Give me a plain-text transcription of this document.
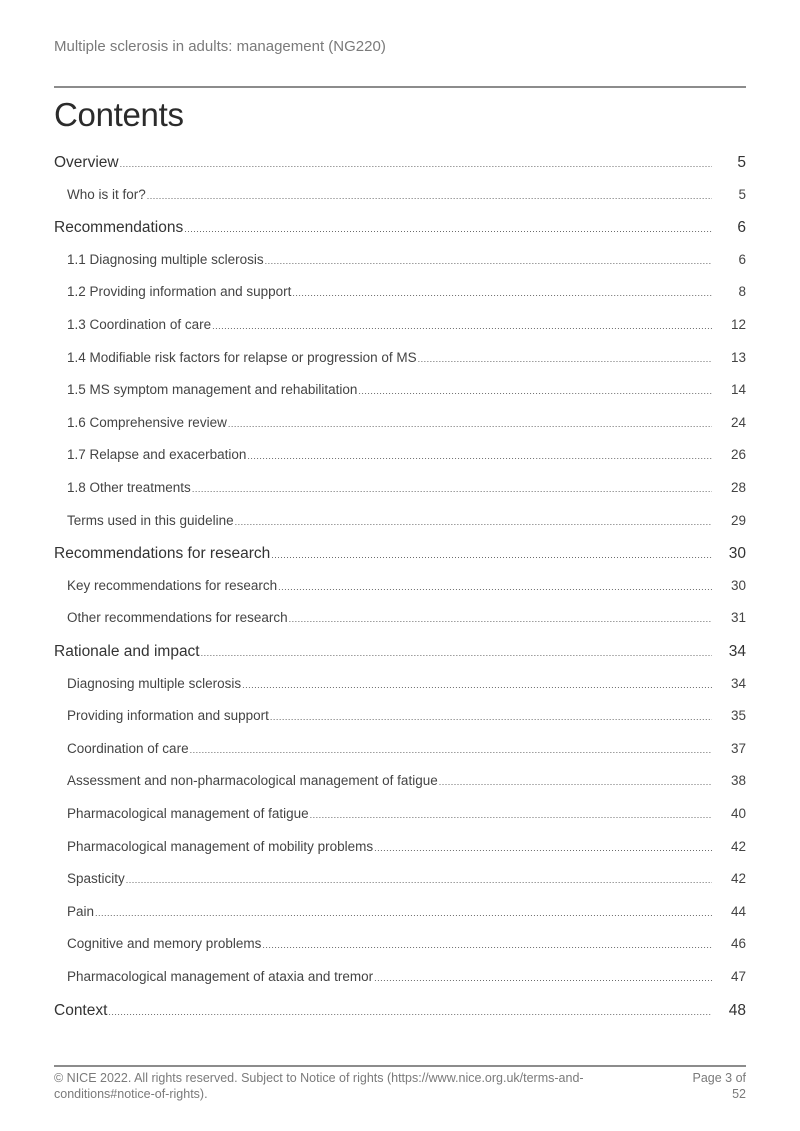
Multiple sclerosis in adults: management (NG220)
Contents
Overview .....	5
Who is it for? .....	5
Recommendations .....	6
1.1 Diagnosing multiple sclerosis .....	6
1.2 Providing information and support .....	8
1.3 Coordination of care .....	12
1.4 Modifiable risk factors for relapse or progression of MS .....	13
1.5 MS symptom management and rehabilitation .....	14
1.6 Comprehensive review .....	24
1.7 Relapse and exacerbation .....	26
1.8 Other treatments .....	28
Terms used in this guideline .....	29
Recommendations for research .....	30
Key recommendations for research .....	30
Other recommendations for research .....	31
Rationale and impact .....	34
Diagnosing multiple sclerosis .....	34
Providing information and support .....	35
Coordination of care .....	37
Assessment and non-pharmacological management of fatigue .....	38
Pharmacological management of fatigue .....	40
Pharmacological management of mobility problems .....	42
Spasticity .....	42
Pain .....	44
Cognitive and memory problems .....	46
Pharmacological management of ataxia and tremor .....	47
Context .....	48
© NICE 2022. All rights reserved. Subject to Notice of rights (https://www.nice.org.uk/terms-and-
conditions#notice-of-rights).
Page 3 of
52
